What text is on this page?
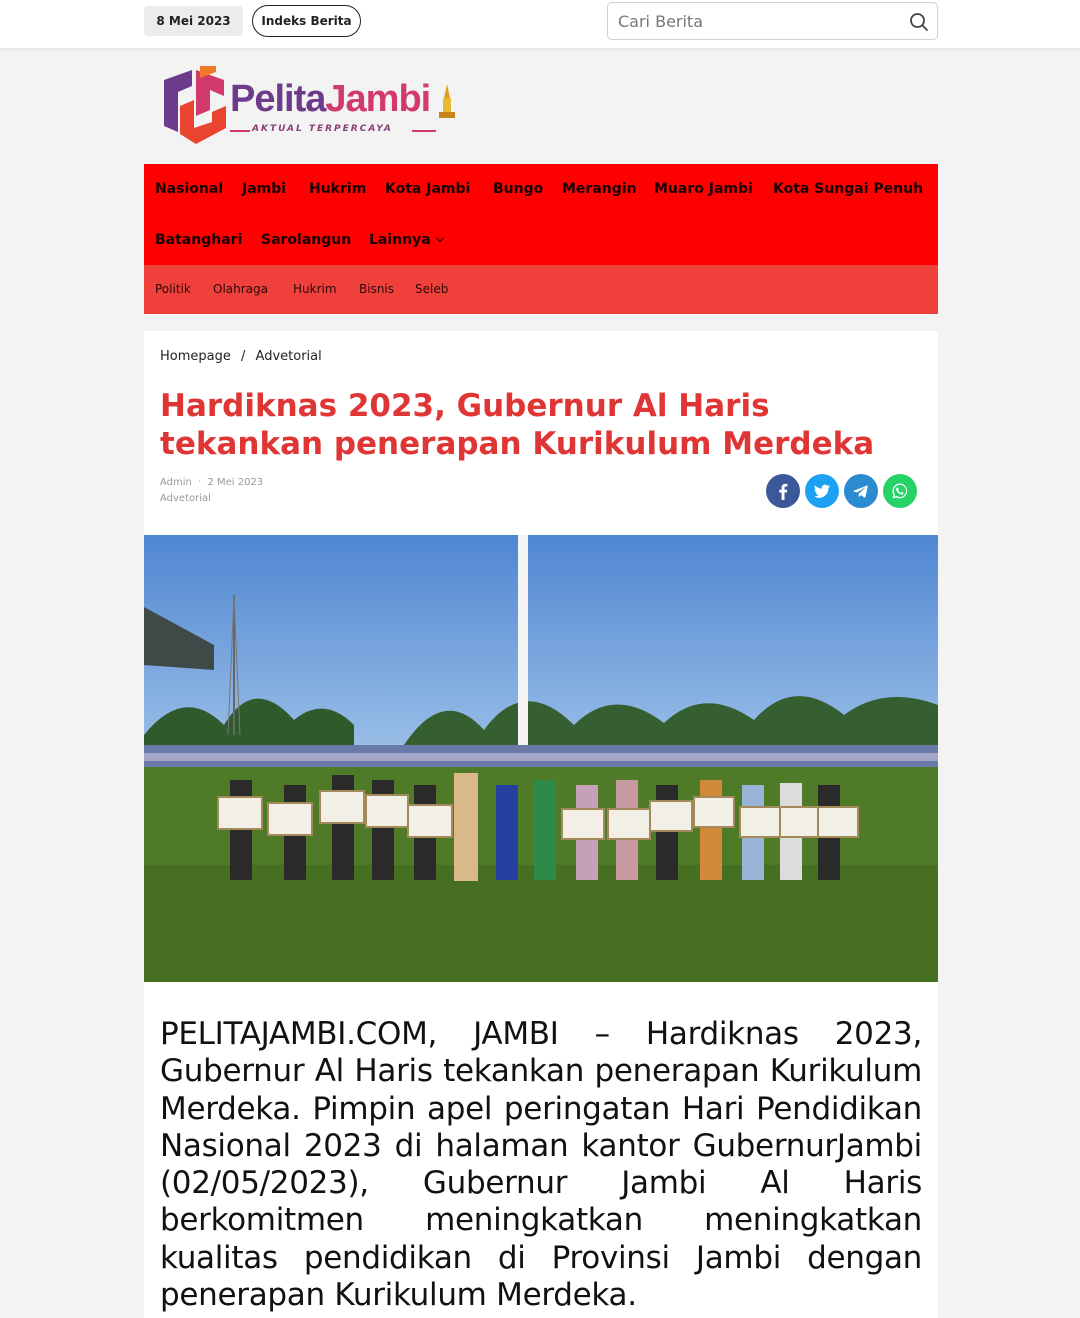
8 Mei 2023	Indeks Berita
Cari Berita
PelitaJambi
AKTUAL TERPERCAYA
Nasional Jambi Hukrim Kota Jambi Bungo Merangin Muaro Jambi Kota Sungai Penuh
Batanghari Sarolangun Lainnya
Politik Olahraga Hukrim Bisnis Seleb
Homepage / Advetorial
Hardiknas 2023, Gubernur Al Haris tekankan penerapan Kurikulum Merdeka
Admin · 2 Mei 2023
Advetorial

PELITAJAMBI.COM, JAMBI – Hardiknas 2023, Gubernur Al Haris tekankan penerapan Kurikulum Merdeka. Pimpin apel peringatan Hari Pendidikan Nasional 2023 di halaman kantor GubernurJambi (02/05/2023), Gubernur Jambi Al Haris berkomitmen meningkatkan meningkatkan kualitas pendidikan di Provinsi Jambi dengan penerapan Kurikulum Merdeka.
